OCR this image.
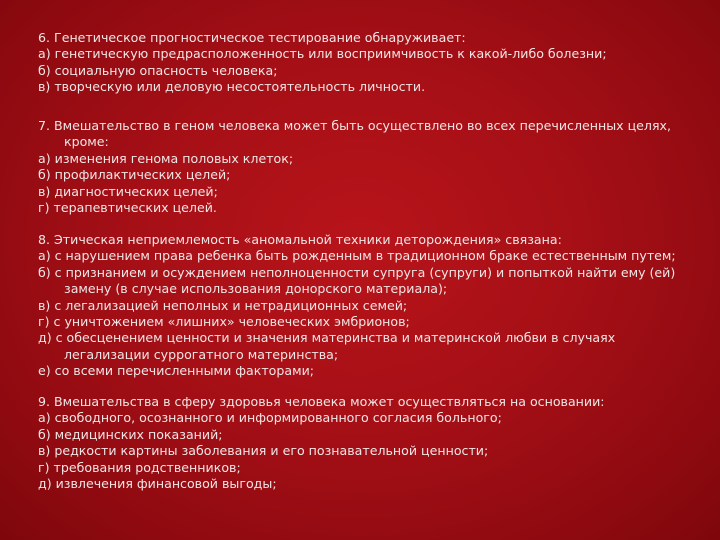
6. Генетическое прогностическое тестирование обнаруживает:
а) генетическую предрасположенность или восприимчивость к какой-либо болезни;
б) социальную опасность человека;
в) творческую или деловую несостоятельность личности.
7. Вмешательство в геном человека может быть осуществлено во всех перечисленных целях,
кроме:
а) изменения генома половых клеток;
б) профилактических целей;
в) диагностических целей;
г) терапевтических целей.
8. Этическая неприемлемость «аномальной техники деторождения» связана:
а) с нарушением права ребенка быть рожденным в традиционном браке естественным путем;
б) с признанием и осуждением неполноценности супруга (супруги) и попыткой найти ему (ей)
замену (в случае использования донорского материала);
в) с легализацией неполных и нетрадиционных семей;
г) с уничтожением «лишних» человеческих эмбрионов;
д) с обесценением ценности и значения материнства и материнской любви в случаях
легализации суррогатного материнства;
е) со всеми перечисленными факторами;
9. Вмешательства в сферу здоровья человека может осуществляться на основании:
а) свободного, осознанного и информированного согласия больного;
б) медицинских показаний;
в) редкости картины заболевания и его познавательной ценности;
г) требования родственников;
д) извлечения финансовой выгоды;
